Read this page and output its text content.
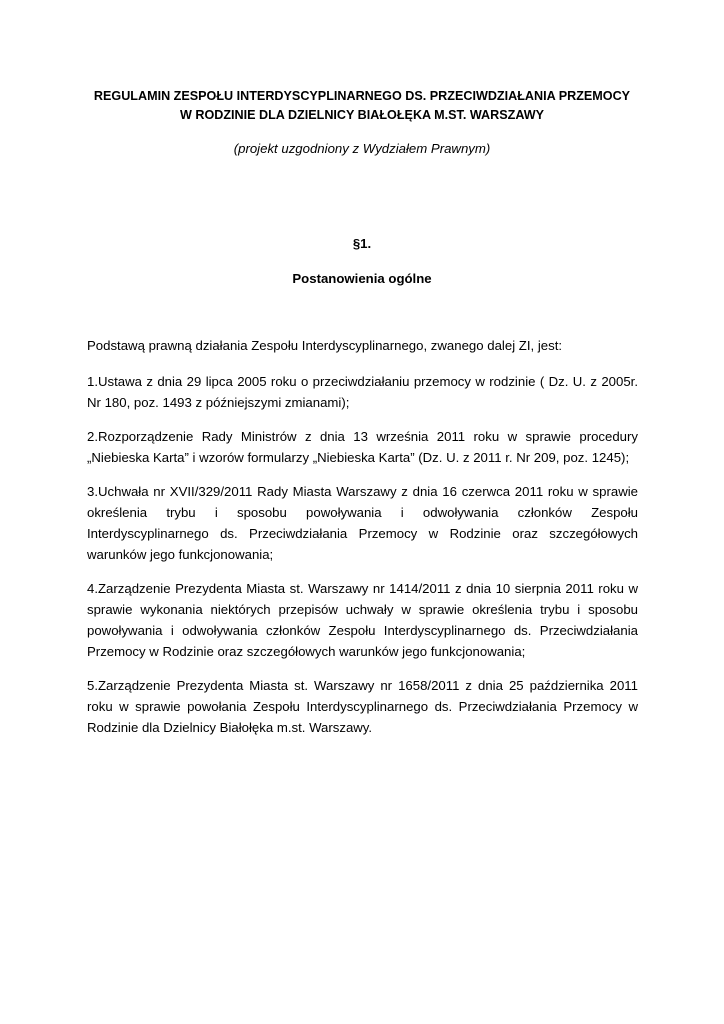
REGULAMIN ZESPOŁU INTERDYSCYPLINARNEGO DS. PRZECIWDZIAŁANIA PRZEMOCY
W RODZINIE DLA DZIELNICY BIAŁOŁĘKA M.ST. WARSZAWY
(projekt uzgodniony z Wydziałem Prawnym)
§1.
Postanowienia ogólne

Podstawą prawną działania Zespołu Interdyscyplinarnego, zwanego dalej ZI, jest:

1.Ustawa z dnia 29 lipca 2005 roku o przeciwdziałaniu przemocy w rodzinie ( Dz. U. z 2005r. Nr 180, poz. 1493 z późniejszymi zmianami);

2.Rozporządzenie Rady Ministrów z dnia 13 września 2011 roku w sprawie procedury „Niebieska Karta” i wzorów formularzy „Niebieska Karta” (Dz. U. z 2011 r. Nr 209, poz. 1245);

3.Uchwała nr XVII/329/2011 Rady Miasta Warszawy z dnia 16 czerwca 2011 roku w sprawie określenia trybu i sposobu powoływania i odwoływania członków Zespołu Interdyscyplinarnego ds. Przeciwdziałania Przemocy w Rodzinie oraz szczegółowych warunków jego funkcjonowania;

4.Zarządzenie Prezydenta Miasta st. Warszawy nr 1414/2011 z dnia 10 sierpnia 2011 roku w sprawie wykonania niektórych przepisów uchwały w sprawie określenia trybu i sposobu powoływania i odwoływania członków Zespołu Interdyscyplinarnego ds. Przeciwdziałania Przemocy w Rodzinie oraz szczegółowych warunków jego funkcjonowania;

5.Zarządzenie Prezydenta Miasta st. Warszawy nr 1658/2011 z dnia 25 października 2011 roku w sprawie powołania Zespołu Interdyscyplinarnego ds. Przeciwdziałania Przemocy w Rodzinie dla Dzielnicy Białołęka m.st. Warszawy.
